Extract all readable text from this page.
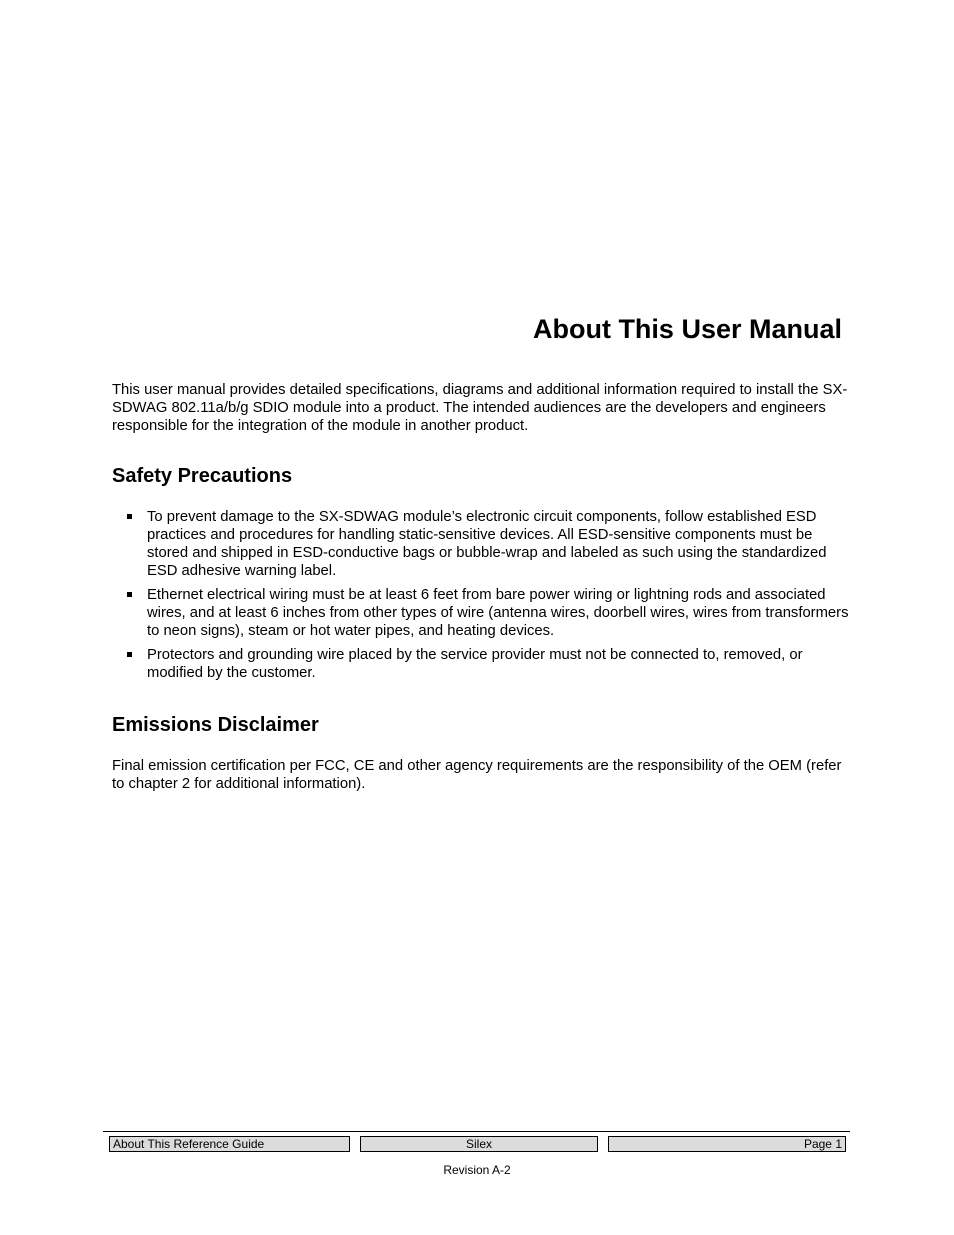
About This User Manual

This user manual provides detailed specifications, diagrams and additional information required to install the SX-SDWAG 802.11a/b/g SDIO module into a product. The intended audiences are the developers and engineers responsible for the integration of the module in another product.

Safety Precautions
To prevent damage to the SX-SDWAG module’s electronic circuit components, follow established ESD practices and procedures for handling static-sensitive devices. All ESD-sensitive components must be stored and shipped in ESD-conductive bags or bubble-wrap and labeled as such using the standardized ESD adhesive warning label.
Ethernet electrical wiring must be at least 6 feet from bare power wiring or lightning rods and associated wires, and at least 6 inches from other types of wire (antenna wires, doorbell wires, wires from transformers to neon signs), steam or hot water pipes, and heating devices.
Protectors and grounding wire placed by the service provider must not be connected to, removed, or modified by the customer.
Emissions Disclaimer

Final emission certification per FCC, CE and other agency requirements are the responsibility of the OEM (refer to chapter 2 for additional information).

About This Reference Guide	Silex	Page 1
Revision A-2
